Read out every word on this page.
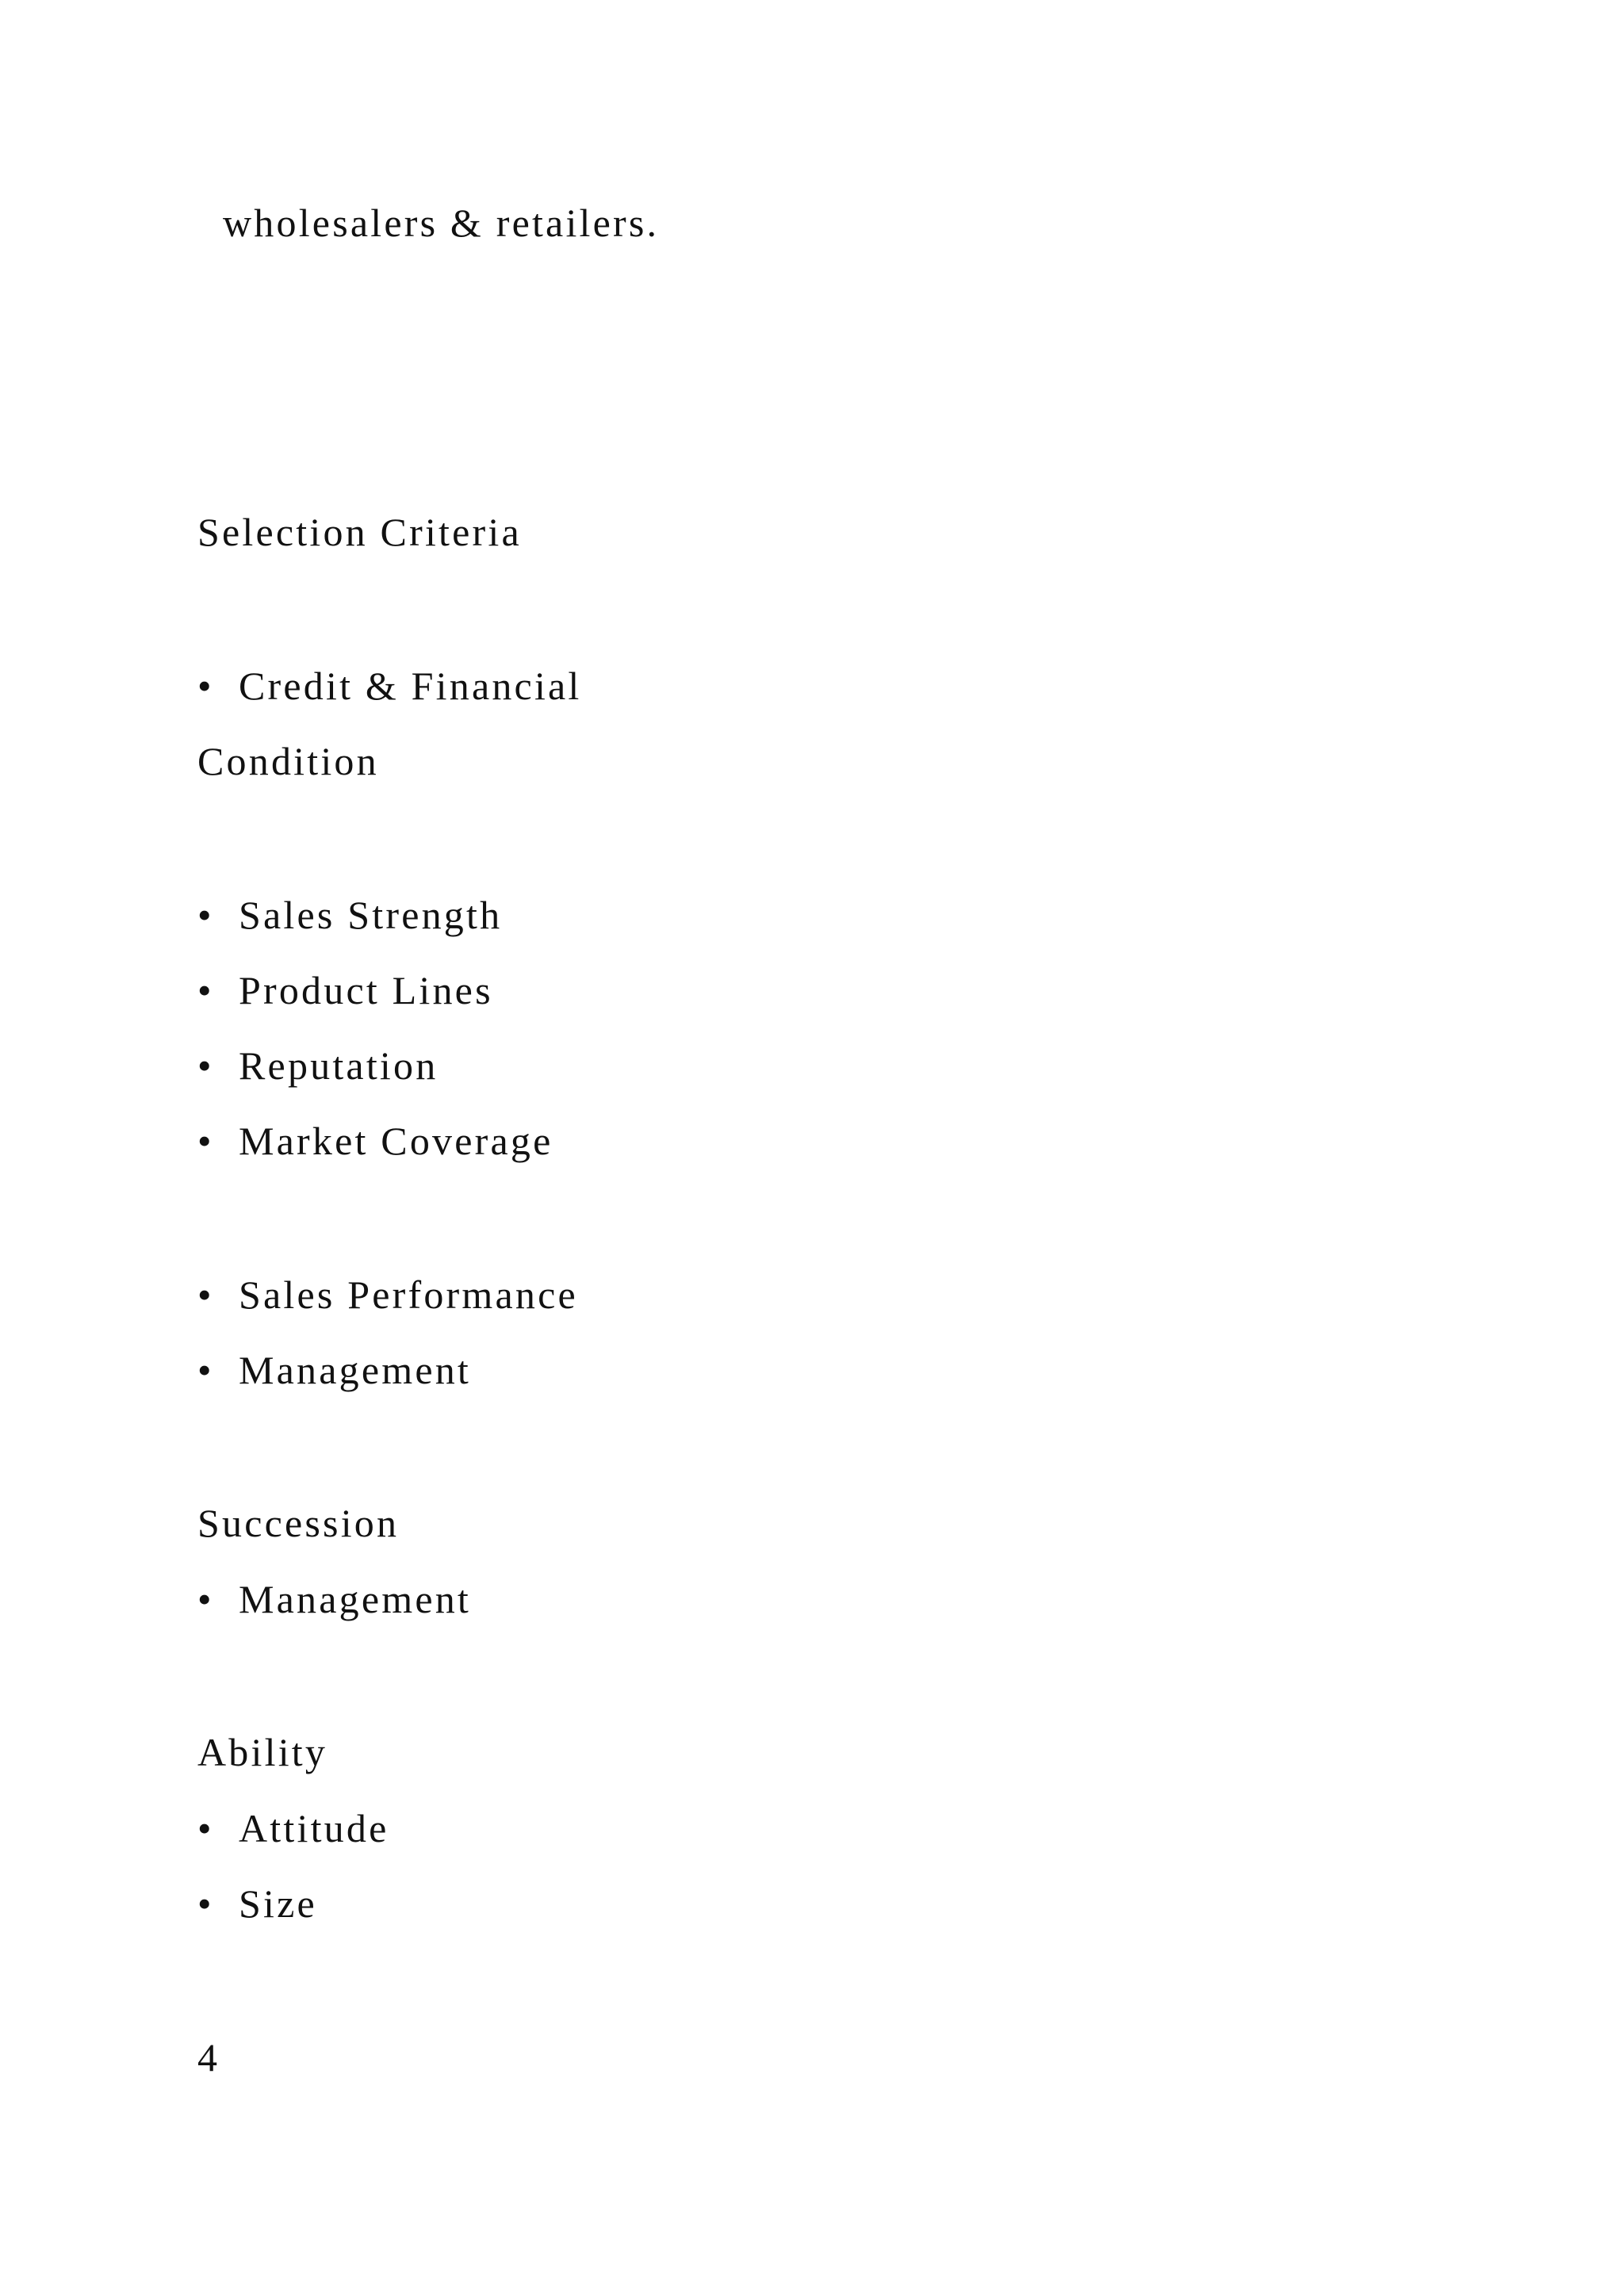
wholesalers & retailers.
Selection Criteria
• Credit & Financial
Condition
• Sales Strength
• Product Lines
• Reputation
• Market Coverage
• Sales Performance
• Management
Succession
• Management
Ability
• Attitude
• Size
4
